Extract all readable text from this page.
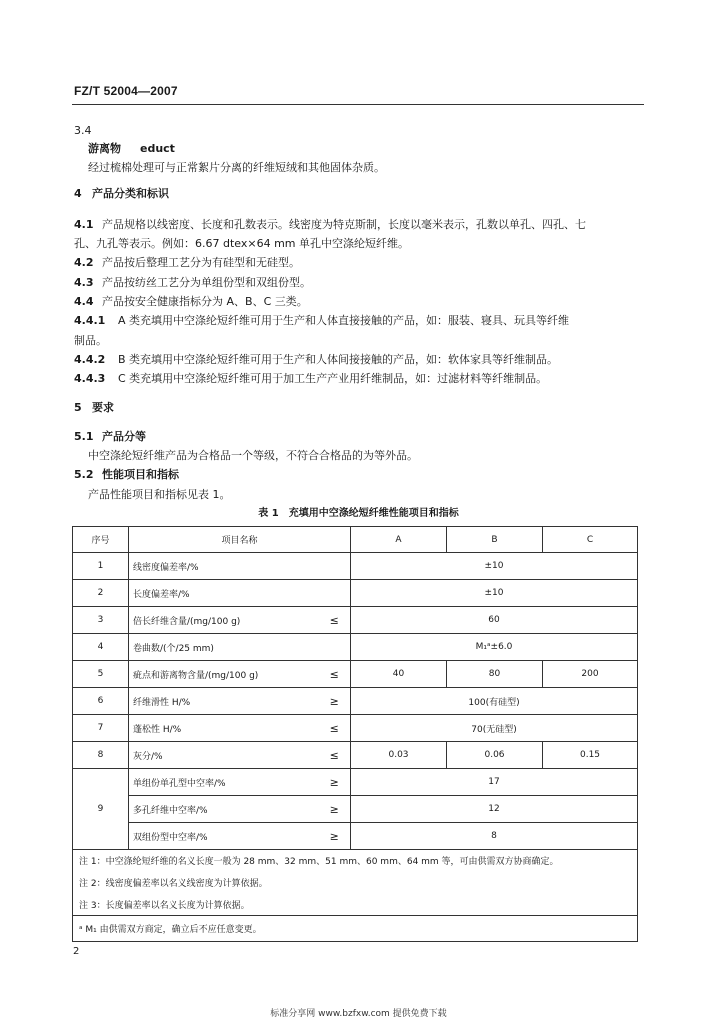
FZ/T 52004—2007
3.4
游离物 educt
经过梳棉处理可与正常絮片分离的纤维短绒和其他固体杂质。
4 产品分类和标识
4.1 产品规格以线密度、长度和孔数表示。线密度为特克斯制，长度以毫米表示，孔数以单孔、四孔、七
孔、九孔等表示。例如：6.67 dtex×64 mm 单孔中空涤纶短纤维。
4.2 产品按后整理工艺分为有硅型和无硅型。
4.3 产品按纺丝工艺分为单组份型和双组份型。
4.4 产品按安全健康指标分为 A、B、C 三类。
4.4.1 A 类充填用中空涤纶短纤维可用于生产和人体直接接触的产品，如：服装、寝具、玩具等纤维
制品。
4.4.2 B 类充填用中空涤纶短纤维可用于生产和人体间接接触的产品，如：软体家具等纤维制品。
4.4.3 C 类充填用中空涤纶短纤维可用于加工生产产业用纤维制品，如：过滤材料等纤维制品。
5 要求
5.1 产品分等
中空涤纶短纤维产品为合格品一个等级，不符合合格品的为等外品。
5.2 性能项目和指标
产品性能项目和指标见表 1。
表 1　充填用中空涤纶短纤维性能项目和指标
序号	项目名称		A	B	C
1	线密度偏差率/%		±10		
2	长度偏差率/%		±10		
3	倍长纤维含量/(mg/100 g)	≤	60		
4	卷曲数/(个/25 mm)		M₁ᵃ±6.0		
5	疵点和游离物含量/(mg/100 g)	≤	40	80	200
6	纤维滑性 H/%	≥	100(有硅型)		
7	蓬松性 H/%	≤	70(无硅型)		
8	灰分/%	≤	0.03	0.06	0.15
9	单组份单孔型中空率/%	≥	17		
	多孔纤维中空率/%	≥	12		
	双组份型中空率/%	≥	8		
注 1：中空涤纶短纤维的名义长度一般为 28 mm、32 mm、51 mm、60 mm、64 mm 等，可由供需双方协商确定。					
注 2：线密度偏差率以名义线密度为计算依据。					
注 3：长度偏差率以名义长度为计算依据。					
ᵃ M₁ 由供需双方商定，确立后不应任意变更。					
2
标准分享网 www.bzfxw.com 提供免费下载
